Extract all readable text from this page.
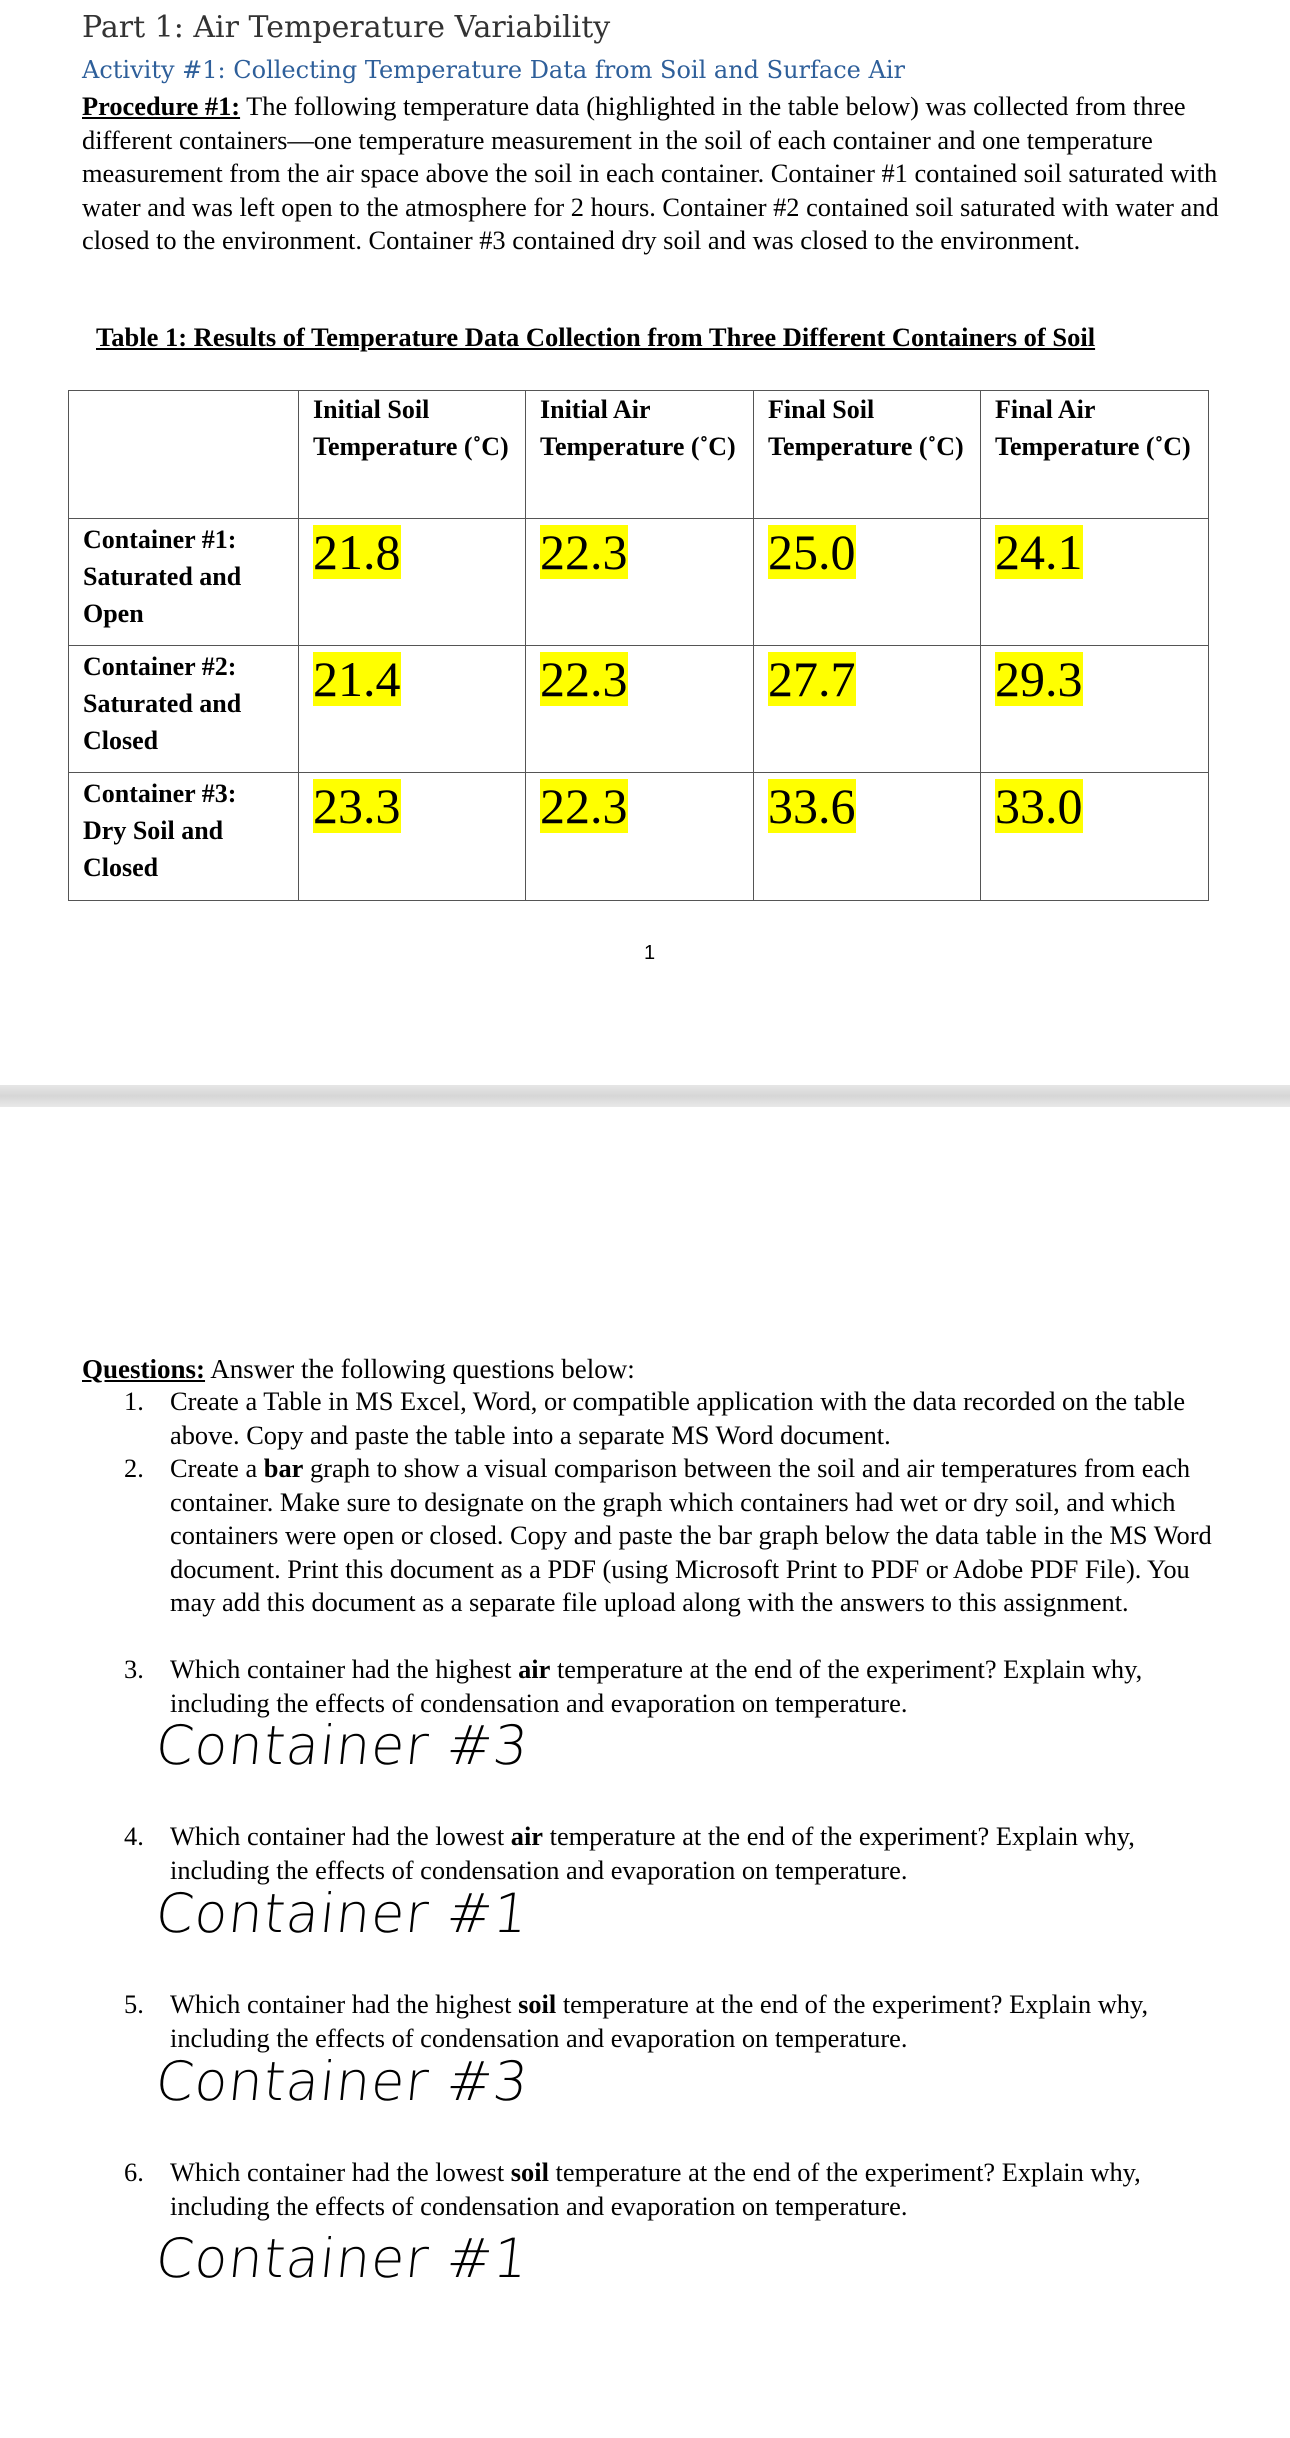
Part 1: Air Temperature Variability
Activity #1: Collecting Temperature Data from Soil and Surface Air
Procedure #1: The following temperature data (highlighted in the table below) was collected from three different containers—one temperature measurement in the soil of each container and one temperature measurement from the air space above the soil in each container. Container #1 contained soil saturated with water and was left open to the atmosphere for 2 hours. Container #2 contained soil saturated with water and closed to the environment. Container #3 contained dry soil and was closed to the environment.
Table 1: Results of Temperature Data Collection from Three Different Containers of Soil
	Initial Soil Temperature (˚C)	Initial Air Temperature (˚C)	Final Soil Temperature (˚C)	Final Air Temperature (˚C)
Container #1: Saturated and Open	21.8	22.3	25.0	24.1
Container #2: Saturated and Closed	21.4	22.3	27.7	29.3
Container #3: Dry Soil and Closed	23.3	22.3	33.6	33.0
1
Questions: Answer the following questions below:
1. Create a Table in MS Excel, Word, or compatible application with the data recorded on the table above. Copy and paste the table into a separate MS Word document.
2. Create a bar graph to show a visual comparison between the soil and air temperatures from each container. Make sure to designate on the graph which containers had wet or dry soil, and which containers were open or closed. Copy and paste the bar graph below the data table in the MS Word document. Print this document as a PDF (using Microsoft Print to PDF or Adobe PDF File). You may add this document as a separate file upload along with the answers to this assignment.
3. Which container had the highest air temperature at the end of the experiment? Explain why, including the effects of condensation and evaporation on temperature.
Container #3
4. Which container had the lowest air temperature at the end of the experiment? Explain why, including the effects of condensation and evaporation on temperature.
Container #1
5. Which container had the highest soil temperature at the end of the experiment? Explain why, including the effects of condensation and evaporation on temperature.
Container #3
6. Which container had the lowest soil temperature at the end of the experiment? Explain why, including the effects of condensation and evaporation on temperature.
Container #1
